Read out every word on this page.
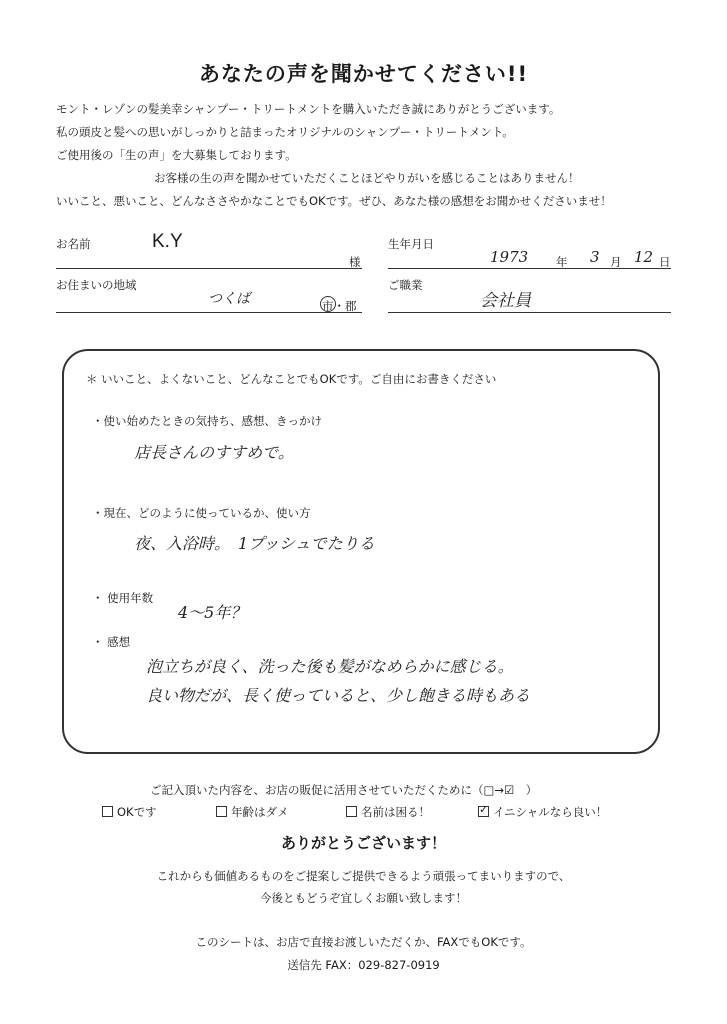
あなたの声を聞かせてください!!
モント・レゾンの髪美幸シャンプー・トリートメントを購入いただき誠にありがとうございます。
私の頭皮と髪への思いがしっかりと詰まったオリジナルのシャンプー・トリートメント。
ご使用後の「生の声」を大募集しております。
お客様の生の声を聞かせていただくことほどやりがいを感じることはありません！
いいこと、悪いこと、どんなささやかなことでもOKです。ぜひ、あなた様の感想をお聞かせくださいませ！
お名前	K.Y
様
生年月日
1973 年 3 月 12 日
お住まいの地域
つくば	市・郡
ご職業
会社員
＊ いいこと、よくないこと、どんなことでもOKです。ご自由にお書きください
・使い始めたときの気持ち、感想、きっかけ
店長さんのすすめで。
・現在、どのように使っているか、使い方
夜、入浴時。　1プッシュでたりる
・ 使用年数
4～5年？
・ 感想
泡立ちが良く、洗った後も髪がなめらかに感じる。
良い物だが、長く使っていると、少し飽きる時もある
ご記入頂いた内容を、お店の販促に活用させていただくために（□→☑　）
OKです	年齢はダメ	名前は困る！ ✓	イニシャルなら良い！
ありがとうございます！
これからも価値あるものをご提案しご提供できるよう頑張ってまいりますので、
今後ともどうぞ宜しくお願い致します！
このシートは、お店で直接お渡しいただくか、FAXでもOKです。
送信先 FAX：029-827-0919
